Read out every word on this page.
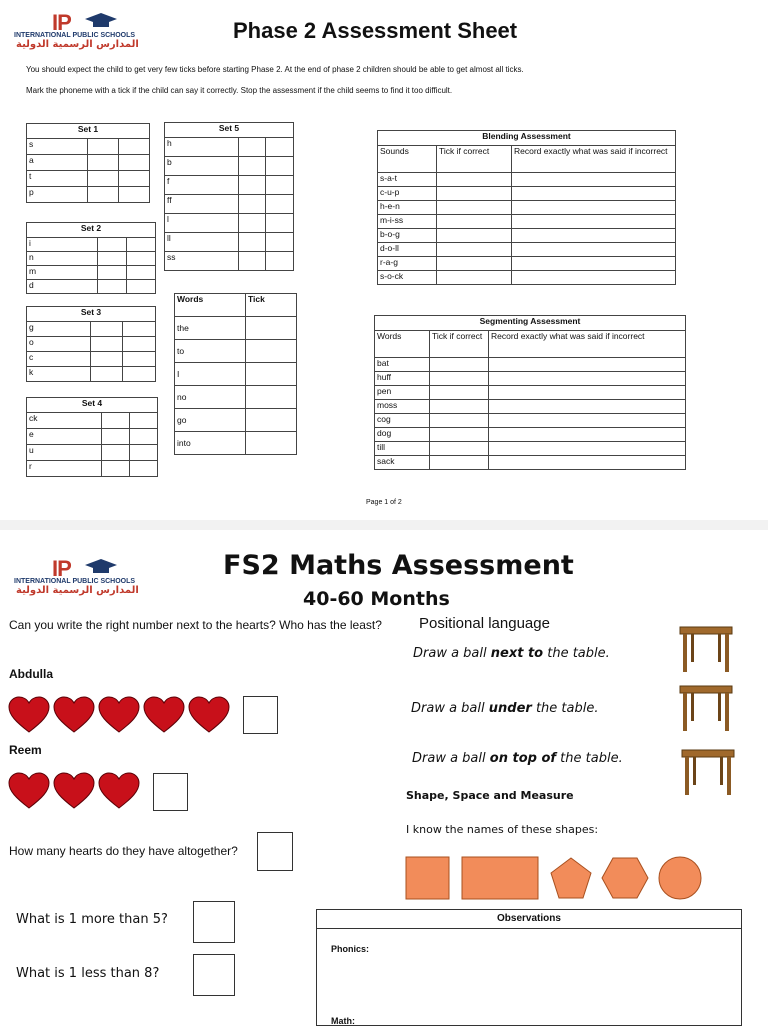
IP
INTERNATIONAL PUBLIC SCHOOLS
المدارس الرسمية الدولية
Phase 2 Assessment Sheet
You should expect the child to get very few ticks before starting Phase 2. At the end of phase 2 children should be able to get almost all ticks.
Mark the phoneme with a tick if the child can say it correctly. Stop the assessment if the child seems to find it too difficult.
Set 1		
s		
a		
t		
p		
Set 2		
i		
n		
m		
d		
Set 3		
g		
o		
c		
k		
Set 4		
ck		
e		
u		
r		
Set 5		
h		
b		
f		
ff		
l		
ll		
ss		
Words	Tick
the	
to	
I	
no	
go	
into	
Blending Assessment		
Sounds	Tick if correct	Record exactly what was said if incorrect
s-a-t		
c-u-p		
h-e-n		
m-i-ss		
b-o-g		
d-o-ll		
r-a-g		
s-o-ck		
Segmenting Assessment		
Words	Tick if correct	Record exactly what was said if incorrect
bat		
huff		
pen		
moss		
cog		
dog		
till		
sack		
Page 1 of 2
IP
INTERNATIONAL PUBLIC SCHOOLS
المدارس الرسمية الدولية
FS2 Maths Assessment
40-60 Months
Can you write the right number next to the hearts? Who has the least? Positional language
Abdulla
Reem
How many hearts do they have altogether?
What is 1 more than 5?
What is 1 less than 8?
Draw a ball next to the table.
Draw a ball under the table.
Draw a ball on top of the table.
Shape, Space and Measure
I know the names of these shapes:
Observations
Phonics:
Math:
